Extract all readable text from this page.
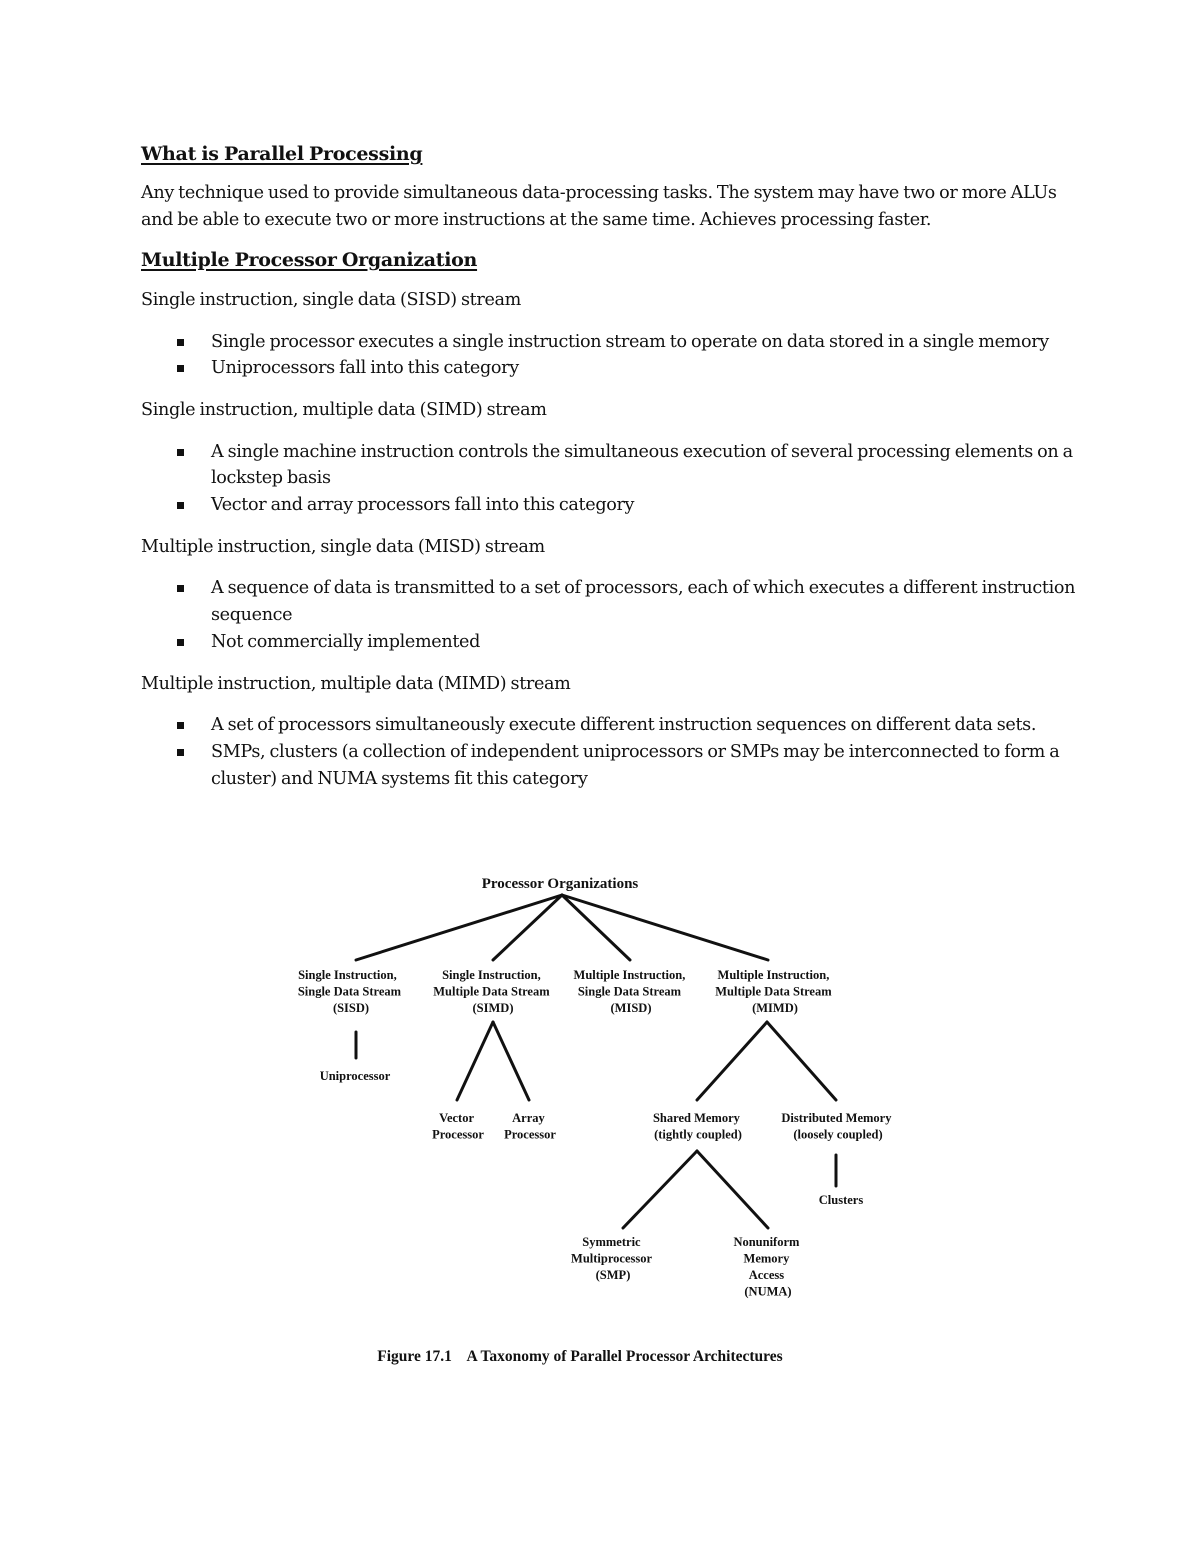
What is Parallel Processing

Any technique used to provide simultaneous data-processing tasks. The system may have two or more ALUs and be able to execute two or more instructions at the same time. Achieves processing faster.

Multiple Processor Organization

Single instruction, single data (SISD) stream

Single processor executes a single instruction stream to operate on data stored in a single memory
Uniprocessors fall into this category

Single instruction, multiple data (SIMD) stream

A single machine instruction controls the simultaneous execution of several processing elements on a lockstep basis
Vector and array processors fall into this category

Multiple instruction, single data (MISD) stream

A sequence of data is transmitted to a set of processors, each of which executes a different instruction sequence
Not commercially implemented

Multiple instruction, multiple data (MIMD) stream

A set of processors simultaneously execute different instruction sequences on different data sets.
SMPs, clusters (a collection of independent uniprocessors or SMPs may be interconnected to form a cluster) and NUMA systems fit this category
Processor Organizations
Single Instruction, Single Data Stream (SISD)
Single Instruction, Multiple Data Stream (SIMD)
Multiple Instruction, Single Data Stream (MISD)
Multiple Instruction, Multiple Data Stream (MIMD)
Uniprocessor
Vector Processor
Array Processor
Shared Memory (tightly coupled)
Distributed Memory (loosely coupled)
Clusters
Symmetric Multiprocessor (SMP)
Nonuniform Memory Access (NUMA)
Figure 17.1    A Taxonomy of Parallel Processor Architectures
